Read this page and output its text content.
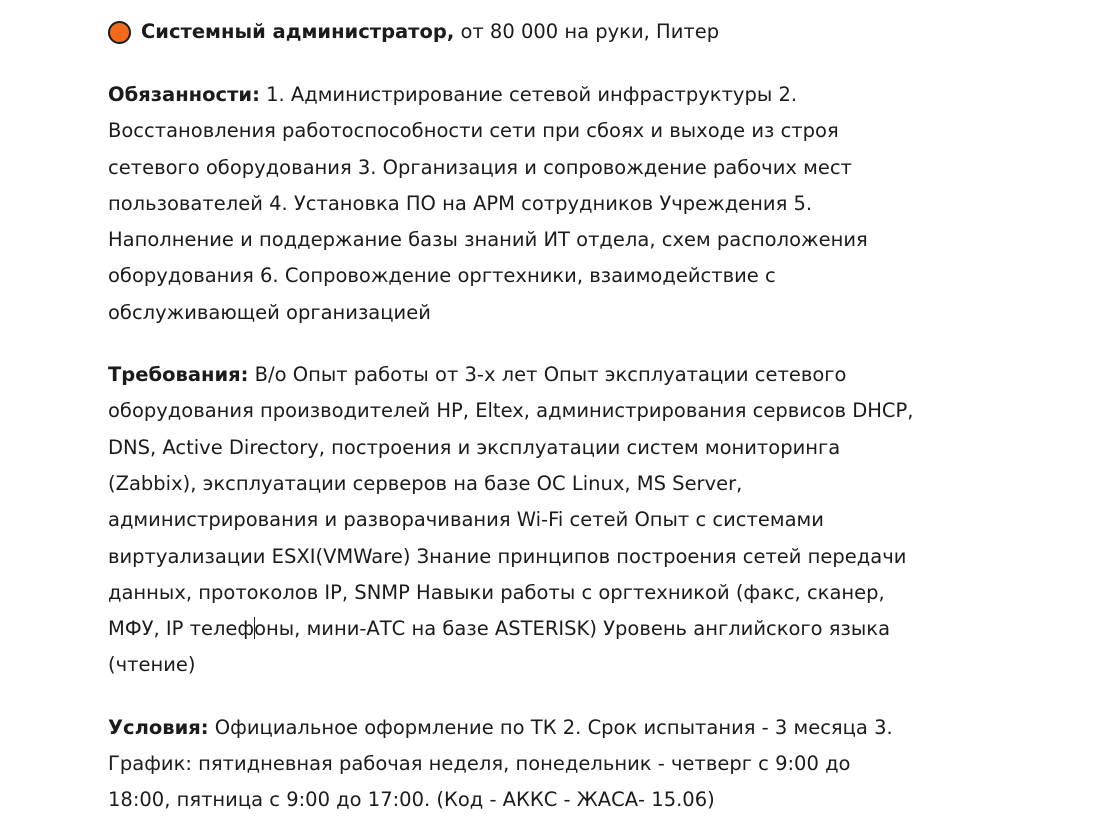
Системный администратор, от 80 000 на руки, Питер

Обязанности: 1. Администрирование сетевой инфраструктуры 2. Восстановления работоспособности сети при сбоях и выходе из строя сетевого оборудования 3. Организация и сопровождение рабочих мест пользователей 4. Установка ПО на АРМ сотрудников Учреждения 5. Наполнение и поддержание базы знаний ИТ отдела, схем расположения оборудования 6. Сопровождение оргтехники, взаимодействие с обслуживающей организацией

Требования: В/о Опыт работы от 3-х лет Опыт эксплуатации сетевого оборудования производителей HP, Eltex, администрирования сервисов DHCP, DNS, Active Directory, построения и эксплуатации систем мониторинга (Zabbix), эксплуатации серверов на базе ОС Linux, MS Server, администрирования и разворачивания Wi-Fi сетей Опыт с системами виртуализации ESXI(VMWare) Знание принципов построения сетей передачи данных, протоколов IP, SNMP Навыки работы с оргтехникой (факс, сканер, МФУ, IP телефоны, мини-АТС на базе ASTERISK) Уровень английского языка (чтение)

Условия: Официальное оформление по ТК 2. Срок испытания - 3 месяца 3. График: пятидневная рабочая неделя, понедельник - четверг с 9:00 до 18:00, пятница с 9:00 до 17:00. (Код - АККС - ЖАСА- 15.06)
